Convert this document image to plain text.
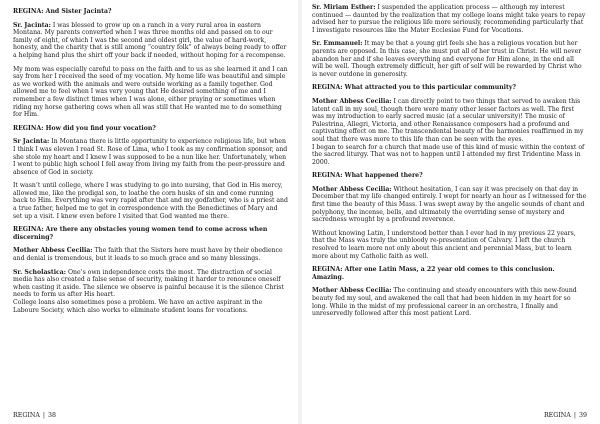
REGINA: And Sister Jacinta?

Sr. Jacinta: I was blessed to grow up on a ranch in a very rural area in eastern Montana. My parents converted when I was three months old and passed on to our family of eight, of which I was the second and oldest girl, the value of hard-work, honesty, and the charity that is still among “country folk” of always being ready to offer a helping hand plus the shirt off your back if needed, without hoping for a recompense.

My mom was especially careful to pass on the faith and to us as she learned it and I can say from her I received the seed of my vocation. My home life was beautiful and simple as we worked with the animals and were outside working as a family together. God allowed me to feel when I was very young that He desired something of me and I remember a few distinct times when I was alone, either praying or sometimes when riding my horse gathering cows when all was still that He wanted me to do something for Him.

REGINA: How did you find your vocation?

Sr Jacinta: In Montana there is little opportunity to experience religious life, but when I think I was eleven I read St. Rose of Lima, who I took as my confirmation sponsor, and she stole my heart and I knew I was supposed to be a nun like her. Unfortunately, when I went to public high school I fell away from living my faith from the peer-pressure and absence of God in society.

It wasn’t until college, where I was studying to go into nursing, that God in His mercy, allowed me, like the prodigal son, to loathe the corn husks of sin and come running back to Him. Everything was very rapid after that and my godfather, who is a priest and a true father, helped me to get in correspondence with the Benedictines of Mary and set up a visit. I knew even before I visited that God wanted me there.

REGINA: Are there any obstacles young women tend to come across when discerning?

Mother Abbess Cecilia: The faith that the Sisters here must have by their obedience and denial is tremendous, but it leads to so much grace and so many blessings.

Sr. Scholastica: One’s own independence costs the most. The distraction of social media has also created a false sense of security, making it harder to renounce oneself when casting it aside. The silence we observe is painful because it is the silence Christ needs to form us after His heart.
College loans also sometimes pose a problem. We have an active aspirant in the Laboure Society, which also works to eliminate student loans for vocations.

REGINA | 38

Sr. Miriam Esther: I suspended the application process — although my interest continued — daunted by the realization that my college loans might take years to repay advised her to pursue the religious life more seriously, recommending particularly that I investigate resources like the Mater Ecclesiae Fund for Vocations.

Sr. Emmanuel: It may be that a young girl feels she has a religious vocation but her parents are opposed. In this case, she must put all of her trust in Christ. He will never abandon her and if she leaves everything and everyone for Him alone, in the end all will be well. Though extremely difficult, her gift of self will be rewarded by Christ who is never outdone in generosity.

REGINA: What attracted you to this particular community?

Mother Abbess Cecilia: I can directly point to two things that served to awaken this latent call in my soul, though there were many other lesser factors as well. The first was my introduction to early sacred music (at a secular university)! The music of Palestrina, Allegri, Victoria, and other Renaissance composers had a profound and captivating effect on me. The transcendental beauty of the harmonies reaffirmed in my soul that there was more to this life than can be seen with the eyes.
I began to search for a church that made use of this kind of music within the context of the sacred liturgy. That was not to happen until I attended my first Tridentine Mass in 2000.

REGINA: What happened there?

Mother Abbess Cecilia: Without hesitation, I can say it was precisely on that day in December that my life changed entirely. I wept for nearly an hour as I witnessed for the first time the beauty of this Mass. I was swept away by the angelic sounds of chant and polyphony, the incense, bells, and ultimately the overriding sense of mystery and sacredness wrought by a profound reverence.

Without knowing Latin, I understood better than I ever had in my previous 22 years, that the Mass was truly the unbloody re-presentation of Calvary. I left the church resolved to learn more not only about this ancient and perennial Mass, but to learn more about my Catholic faith as well.

REGINA: After one Latin Mass, a 22 year old comes to this conclusion. Amazing.

Mother Abbess Cecilia: The continuing and steady encounters with this new-found beauty fed my soul, and awakened the call that had been hidden in my heart for so long. While in the midst of my professional career in an orchestra, I finally and unreservedly followed after this most patient Lord.

REGINA | 39
